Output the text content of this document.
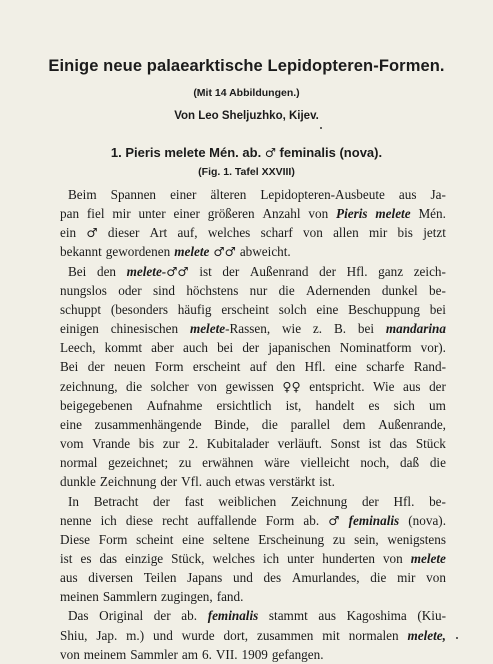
Einige neue palaearktische Lepidopteren-Formen.
(Mit 14 Abbildungen.)
Von Leo Sheljuzhko, Kijev.
1. Pieris melete Mén. ab. ♂ feminalis (nova).
(Fig. 1. Tafel XXVIII)
Beim Spannen einer älteren Lepidopteren-Ausbeute aus Ja-
pan fiel mir unter einer größeren Anzahl von Pieris melete Mén.
ein ♂ dieser Art auf, welches scharf von allen mir bis jetzt
bekannt gewordenen melete ♂♂ abweicht.
Bei den melete-♂♂ ist der Außenrand der Hfl. ganz zeich-
nungslos oder sind höchstens nur die Adernenden dunkel be-
schuppt (besonders häufig erscheint solch eine Beschuppung bei
einigen chinesischen melete-Rassen, wie z. B. bei mandarina
Leech, kommt aber auch bei der japanischen Nominatform vor).
Bei der neuen Form erscheint auf den Hfl. eine scharfe Rand-
zeichnung, die solcher von gewissen ♀♀ entspricht. Wie aus der
beigegebenen Aufnahme ersichtlich ist, handelt es sich um
eine zusammenhängende Binde, die parallel dem Außenrande,
vom Vrande bis zur 2. Kubitalader verläuft. Sonst ist das Stück
normal gezeichnet; zu erwähnen wäre vielleicht noch, daß die
dunkle Zeichnung der Vfl. auch etwas verstärkt ist.
In Betracht der fast weiblichen Zeichnung der Hfl. be-
nenne ich diese recht auffallende Form ab. ♂ feminalis (nova).
Diese Form scheint eine seltene Erscheinung zu sein, wenigstens
ist es das einzige Stück, welches ich unter hunderten von melete
aus diversen Teilen Japans und des Amurlandes, die mir von
meinen Sammlern zugingen, fand.
Das Original der ab. feminalis stammt aus Kagoshima (Kiu-
Shiu, Jap. m.) und wurde dort, zusammen mit normalen melete,
von meinem Sammler am 6. VII. 1909 gefangen.
